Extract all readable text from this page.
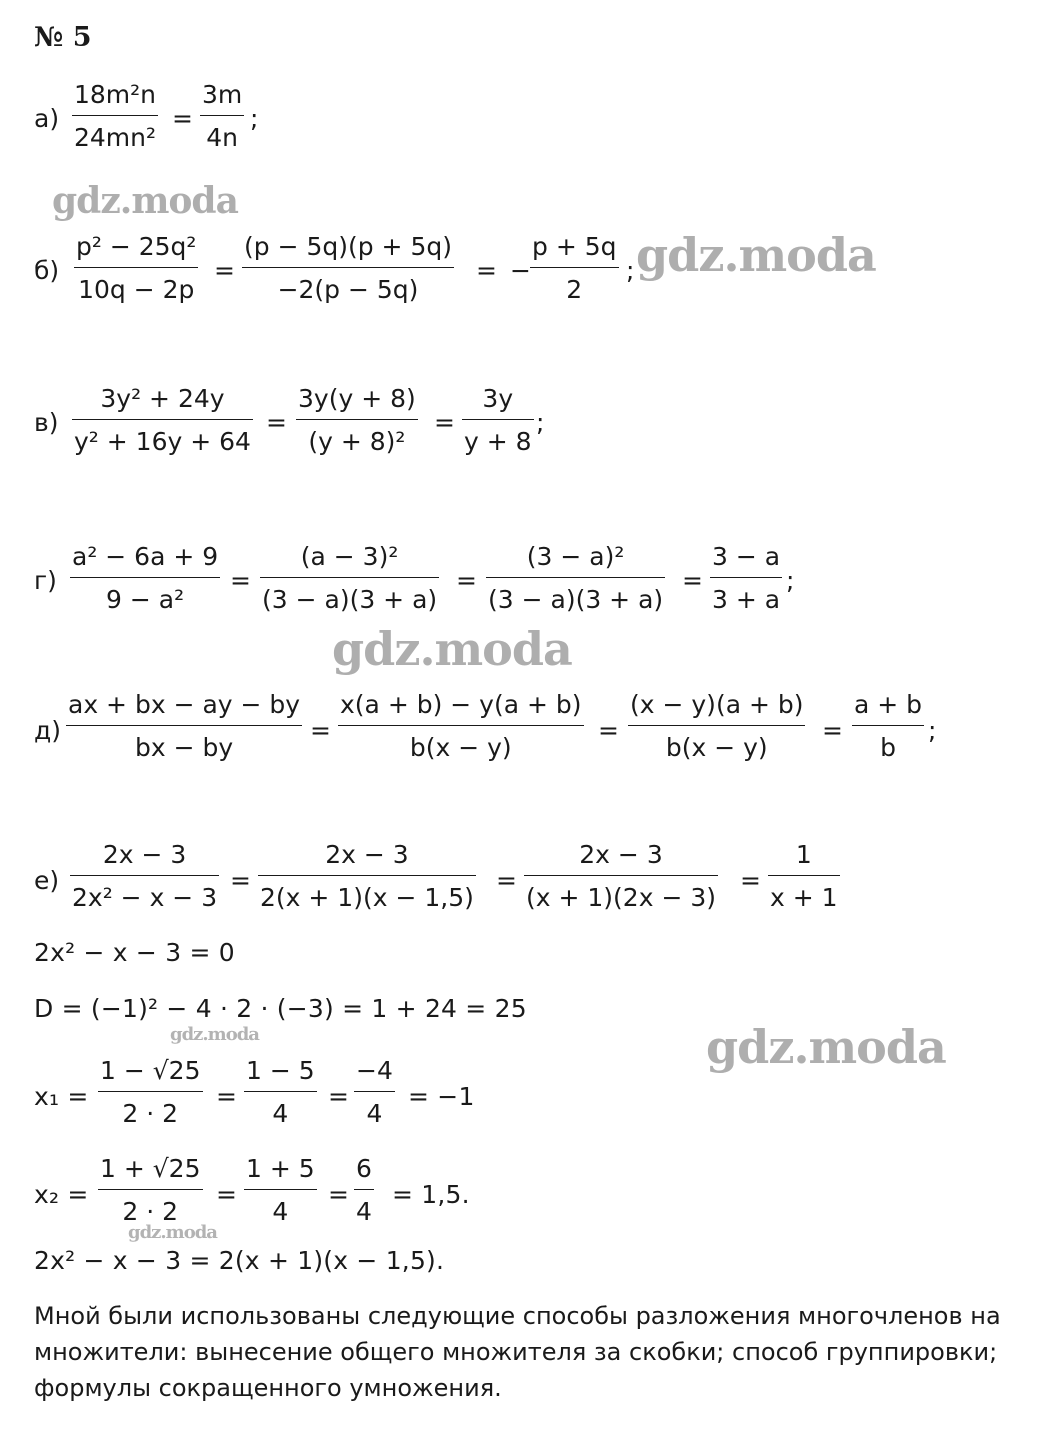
№ 5
gdz.moda
gdz.moda
gdz.moda
gdz.moda
gdz.moda
gdz.moda
а)
18m²n
24mn²
=
3m
4n
;
б)
p² − 25q²
10q − 2p
=
(p − 5q)(p + 5q)
−2(p − 5q)
= −
p + 5q
2
;
в)
3y² + 24y
y² + 16y + 64
=
3y(y + 8)
(y + 8)²
=
3y
y + 8
;
г)
a² − 6a + 9
9 − a²
=
(a − 3)²
(3 − a)(3 + a)
=
(3 − a)²
(3 − a)(3 + a)
=
3 − a
3 + a
;
д)
ax + bx − ay − by
bx − by
=
x(a + b) − y(a + b)
b(x − y)
=
(x − y)(a + b)
b(x − y)
=
a + b
b
;
е)
2x − 3
2x² − x − 3
=
2x − 3
2(x + 1)(x − 1,5)
=
2x − 3
(x + 1)(2x − 3)
=
1
x + 1
2x² − x − 3 = 0
D = (−1)² − 4 · 2 · (−3) = 1 + 24 = 25
x₁ =
1 − √25
2 · 2
=
1 − 5
4
=
−4
4
= −1
x₂ =
1 + √25
2 · 2
=
1 + 5
4
=
6
4
= 1,5.
2x² − x − 3 = 2(x + 1)(x − 1,5).
Мной были использованы следующие способы разложения многочленов на множители: вынесение общего множителя за скобки; способ группировки; формулы сокращенного умножения.
